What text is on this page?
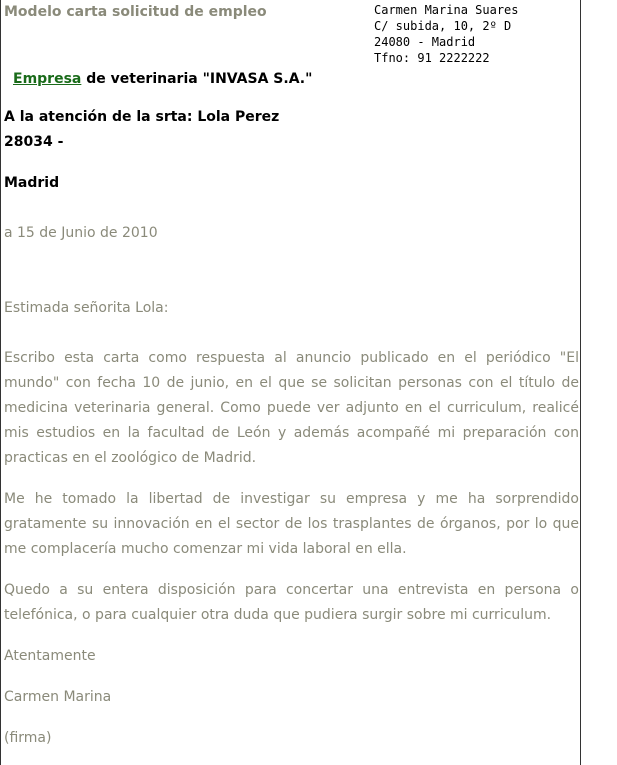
Modelo carta solicitud de empleo	Carmen Marina Suares
C/ subida, 10, 2º D
24080 - Madrid
Tfno: 91 2222222
Empresa de veterinaria "INVASA S.A."
A la atención de la srta: Lola Perez
28034 -
Madrid

a 15 de Junio de 2010

Estimada señorita Lola:

Escribo esta carta como respuesta al anuncio publicado en el periódico "El mundo" con fecha 10 de junio, en el que se solicitan personas con el título de medicina veterinaria general. Como puede ver adjunto en el curriculum, realicé mis estudios en la facultad de León y además acompañé mi preparación con practicas en el zoológico de Madrid.

Me he tomado la libertad de investigar su empresa y me ha sorprendido gratamente su innovación en el sector de los trasplantes de órganos, por lo que me complacería mucho comenzar mi vida laboral en ella.

Quedo a su entera disposición para concertar una entrevista en persona o telefónica, o para cualquier otra duda que pudiera surgir sobre mi curriculum.

Atentamente

Carmen Marina

(firma)
